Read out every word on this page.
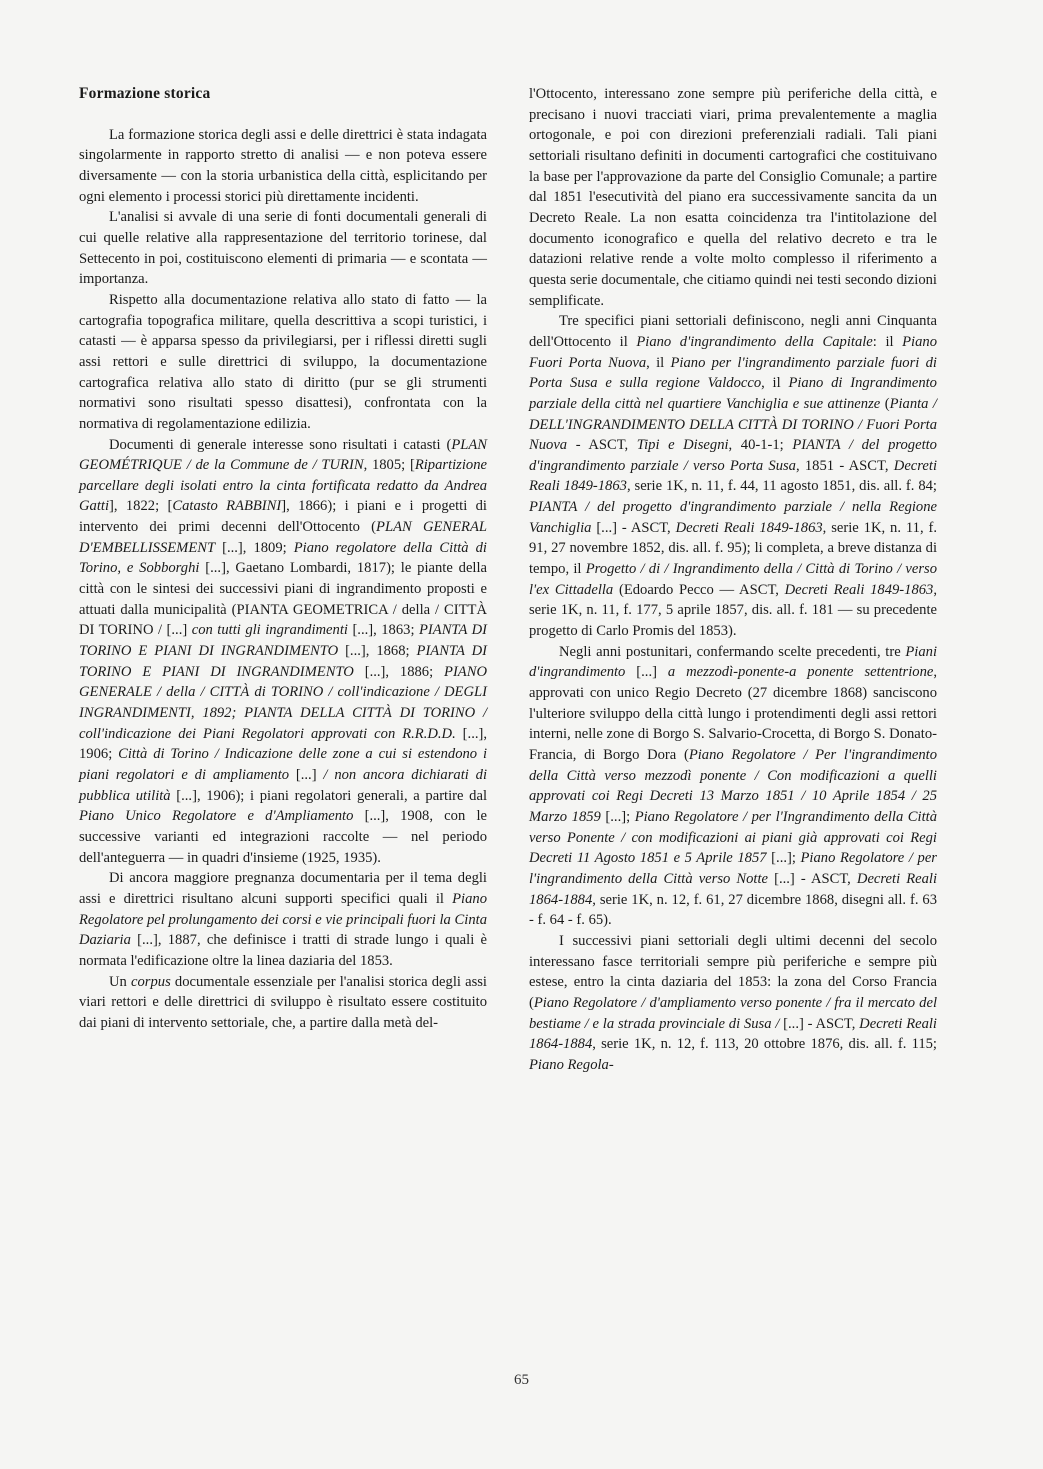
Formazione storica

La formazione storica degli assi e delle direttrici è stata indagata singolarmente in rapporto stretto di analisi — e non poteva essere diversamente — con la storia urbanistica della città, esplicitando per ogni elemento i processi storici più direttamente incidenti.

L'analisi si avvale di una serie di fonti documentali generali di cui quelle relative alla rappresentazione del territorio torinese, dal Settecento in poi, costituiscono elementi di primaria — e scontata — importanza.

Rispetto alla documentazione relativa allo stato di fatto — la cartografia topografica militare, quella descrittiva a scopi turistici, i catasti — è apparsa spesso da privilegiarsi, per i riflessi diretti sugli assi rettori e sulle direttrici di sviluppo, la documentazione cartografica relativa allo stato di diritto (pur se gli strumenti normativi sono risultati spesso disattesi), confrontata con la normativa di regolamentazione edilizia.

Documenti di generale interesse sono risultati i catasti (PLAN GEOMÉTRIQUE / de la Commune de / TURIN, 1805; [Ripartizione parcellare degli isolati entro la cinta fortificata redatto da Andrea Gatti], 1822; [Catasto RABBINI], 1866); i piani e i progetti di intervento dei primi decenni dell'Ottocento (PLAN GENERAL D'EMBELLISSEMENT [...], 1809; Piano regolatore della Città di Torino, e Sobborghi [...], Gaetano Lombardi, 1817); le piante della città con le sintesi dei successivi piani di ingrandimento proposti e attuati dalla municipalità (PIANTA GEOMETRICA / della / CITTÀ DI TORINO / [...] con tutti gli ingrandimenti [...], 1863; PIANTA DI TORINO E PIANI DI INGRANDIMENTO [...], 1868; PIANTA DI TORINO E PIANI DI INGRANDIMENTO [...], 1886; PIANO GENERALE / della / CITTÀ di TORINO / coll'indicazione / DEGLI INGRANDIMENTI, 1892; PIANTA DELLA CITTÀ DI TORINO / coll'indicazione dei Piani Regolatori approvati con R.R.D.D. [...], 1906; Città di Torino / Indicazione delle zone a cui si estendono i piani regolatori e di ampliamento [...] / non ancora dichiarati di pubblica utilità [...], 1906); i piani regolatori generali, a partire dal Piano Unico Regolatore e d'Ampliamento [...], 1908, con le successive varianti ed integrazioni raccolte — nel periodo dell'anteguerra — in quadri d'insieme (1925, 1935).

Di ancora maggiore pregnanza documentaria per il tema degli assi e direttrici risultano alcuni supporti specifici quali il Piano Regolatore pel prolungamento dei corsi e vie principali fuori la Cinta Daziaria [...], 1887, che definisce i tratti di strade lungo i quali è normata l'edificazione oltre la linea daziaria del 1853.

Un corpus documentale essenziale per l'analisi storica degli assi viari rettori e delle direttrici di sviluppo è risultato essere costituito dai piani di intervento settoriale, che, a partire dalla metà del-

l'Ottocento, interessano zone sempre più periferiche della città, e precisano i nuovi tracciati viari, prima prevalentemente a maglia ortogonale, e poi con direzioni preferenziali radiali. Tali piani settoriali risultano definiti in documenti cartografici che costituivano la base per l'approvazione da parte del Consiglio Comunale; a partire dal 1851 l'esecutività del piano era successivamente sancita da un Decreto Reale. La non esatta coincidenza tra l'intitolazione del documento iconografico e quella del relativo decreto e tra le datazioni relative rende a volte molto complesso il riferimento a questa serie documentale, che citiamo quindi nei testi secondo dizioni semplificate.

Tre specifici piani settoriali definiscono, negli anni Cinquanta dell'Ottocento il Piano d'ingrandimento della Capitale: il Piano Fuori Porta Nuova, il Piano per l'ingrandimento parziale fuori di Porta Susa e sulla regione Valdocco, il Piano di Ingrandimento parziale della città nel quartiere Vanchiglia e sue attinenze (Pianta / DELL'INGRANDIMENTO DELLA CITTÀ DI TORINO / Fuori Porta Nuova - ASCT, Tipi e Disegni, 40-1-1; PIANTA / del progetto d'ingrandimento parziale / verso Porta Susa, 1851 - ASCT, Decreti Reali 1849-1863, serie 1K, n. 11, f. 44, 11 agosto 1851, dis. all. f. 84; PIANTA / del progetto d'ingrandimento parziale / nella Regione Vanchiglia [...] - ASCT, Decreti Reali 1849-1863, serie 1K, n. 11, f. 91, 27 novembre 1852, dis. all. f. 95); li completa, a breve distanza di tempo, il Progetto / di / Ingrandimento della / Città di Torino / verso l'ex Cittadella (Edoardo Pecco — ASCT, Decreti Reali 1849-1863, serie 1K, n. 11, f. 177, 5 aprile 1857, dis. all. f. 181 — su precedente progetto di Carlo Promis del 1853).

Negli anni postunitari, confermando scelte precedenti, tre Piani d'ingrandimento [...] a mezzodì-ponente-a ponente settentrione, approvati con unico Regio Decreto (27 dicembre 1868) sanciscono l'ulteriore sviluppo della città lungo i protendimenti degli assi rettori interni, nelle zone di Borgo S. Salvario-Crocetta, di Borgo S. Donato-Francia, di Borgo Dora (Piano Regolatore / Per l'ingrandimento della Città verso mezzodì ponente / Con modificazioni a quelli approvati coi Regi Decreti 13 Marzo 1851 / 10 Aprile 1854 / 25 Marzo 1859 [...]; Piano Regolatore / per l'Ingrandimento della Città verso Ponente / con modificazioni ai piani già approvati coi Regi Decreti 11 Agosto 1851 e 5 Aprile 1857 [...]; Piano Regolatore / per l'ingrandimento della Città verso Notte [...] - ASCT, Decreti Reali 1864-1884, serie 1K, n. 12, f. 61, 27 dicembre 1868, disegni all. f. 63 - f. 64 - f. 65).

I successivi piani settoriali degli ultimi decenni del secolo interessano fasce territoriali sempre più periferiche e sempre più estese, entro la cinta daziaria del 1853: la zona del Corso Francia (Piano Regolatore / d'ampliamento verso ponente / fra il mercato del bestiame / e la strada provinciale di Susa / [...] - ASCT, Decreti Reali 1864-1884, serie 1K, n. 12, f. 113, 20 ottobre 1876, dis. all. f. 115; Piano Regola-

65
